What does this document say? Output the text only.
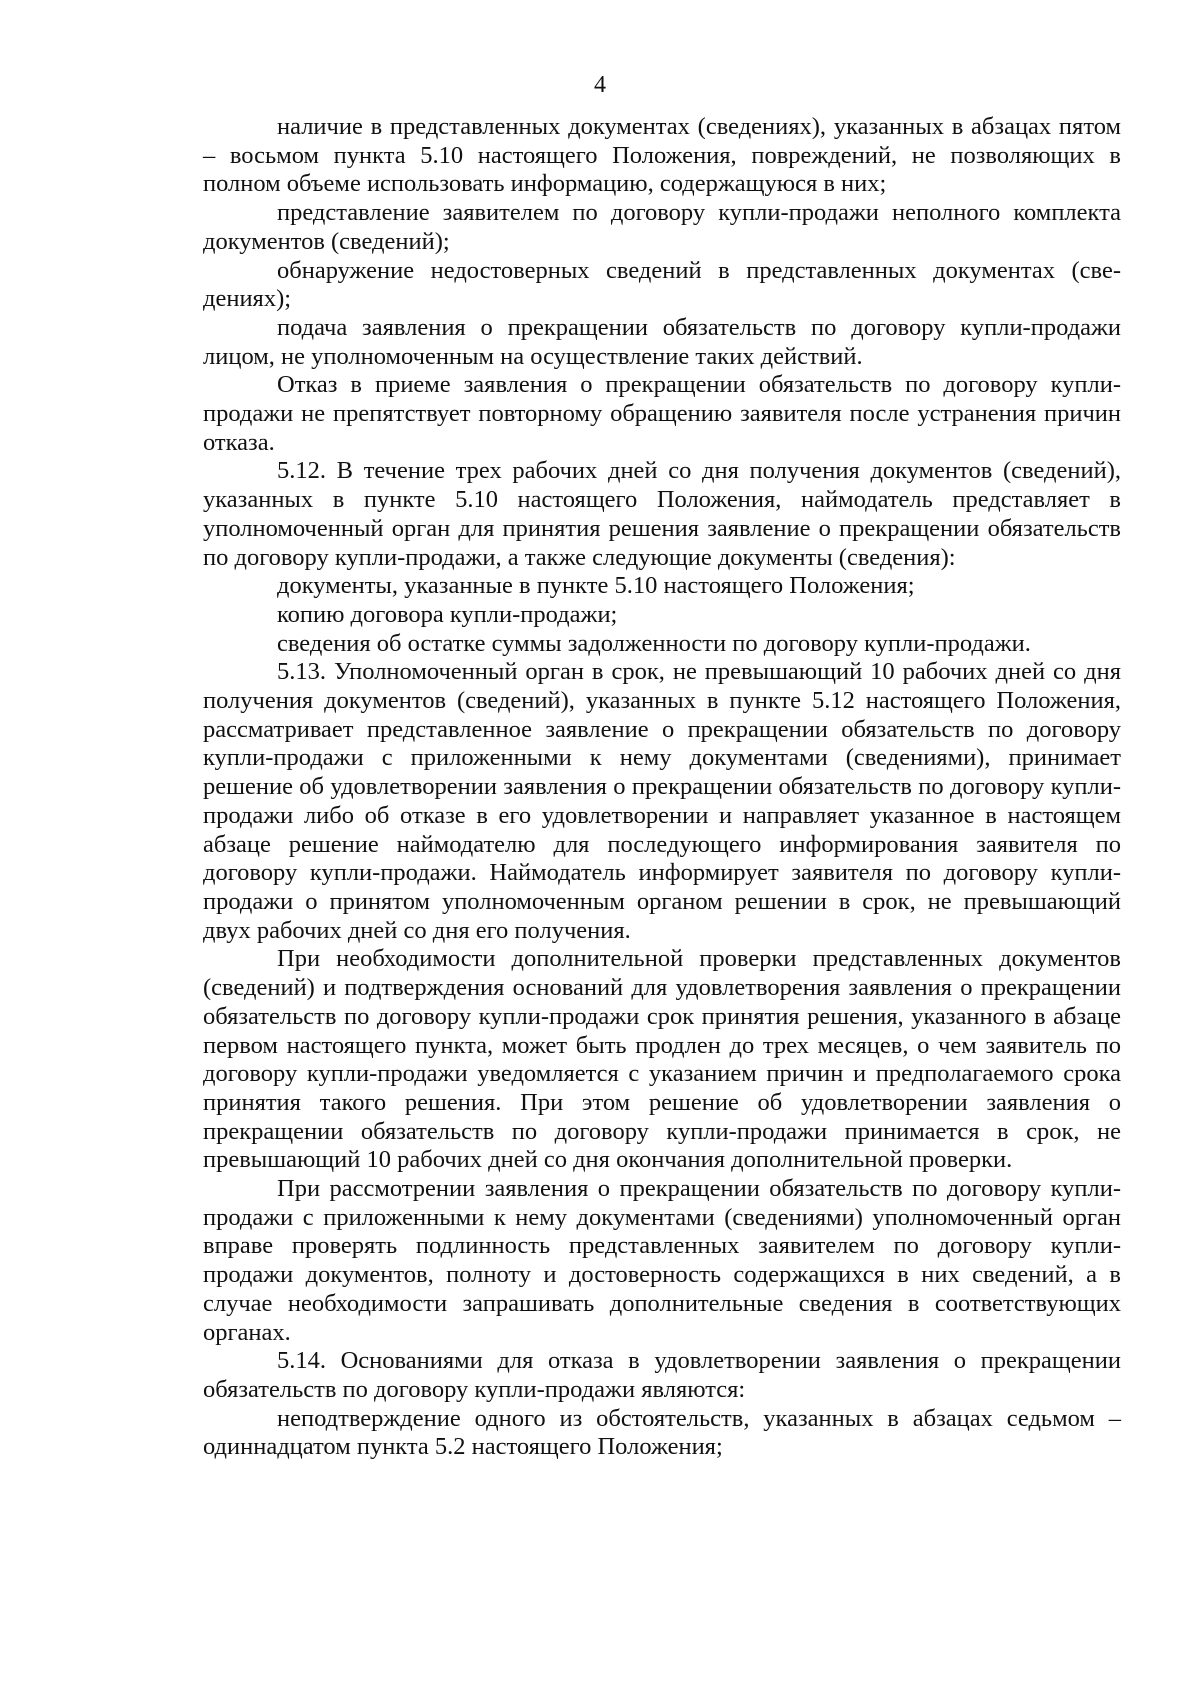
4

наличие в представленных документах (сведениях), указанных в абзацах пятом – восьмом пункта 5.10 настоящего Положения, повреждений, не позволяющих в полном объеме использовать информацию, содержащуюся в них;

представление заявителем по договору купли-продажи неполного комплекта документов (сведений);

обнаружение недостоверных сведений в представленных документах (сведениях);

подача заявления о прекращении обязательств по договору купли-продажи лицом, не уполномоченным на осуществление таких действий.

Отказ в приеме заявления о прекращении обязательств по договору купли-продажи не препятствует повторному обращению заявителя после устранения причин отказа.

5.12. В течение трех рабочих дней со дня получения документов (сведений), указанных в пункте 5.10 настоящего Положения, наймодатель представляет в уполномоченный орган для принятия решения заявление о прекращении обязательств по договору купли-продажи, а также следующие документы (сведения):

документы, указанные в пункте 5.10 настоящего Положения;

копию договора купли-продажи;

сведения об остатке суммы задолженности по договору купли-продажи.

5.13. Уполномоченный орган в срок, не превышающий 10 рабочих дней со дня получения документов (сведений), указанных в пункте 5.12 настоящего Положения, рассматривает представленное заявление о прекращении обязательств по договору купли-продажи с приложенными к нему документами (сведениями), принимает решение об удовлетворении заявления о прекращении обязательств по договору купли-продажи либо об отказе в его удовлетворении и направляет указанное в настоящем абзаце решение наймодателю для последующего информирования заявителя по договору купли-продажи. Наймодатель информирует заявителя по договору купли-продажи о принятом уполномоченным органом решении в срок, не превышающий двух рабочих дней со дня его получения.

При необходимости дополнительной проверки представленных документов (сведений) и подтверждения оснований для удовлетворения заявления о прекращении обязательств по договору купли-продажи срок принятия решения, указанного в абзаце первом настоящего пункта, может быть продлен до трех месяцев, о чем заявитель по договору купли-продажи уведомляется с указанием причин и предполагаемого срока принятия такого решения. При этом решение об удовлетворении заявления о прекращении обязательств по договору купли-продажи принимается в срок, не превышающий 10 рабочих дней со дня окончания дополнительной проверки.

При рассмотрении заявления о прекращении обязательств по договору купли-продажи с приложенными к нему документами (сведениями) уполномоченный орган вправе проверять подлинность представленных заявителем по договору купли-продажи документов, полноту и достоверность содержащихся в них сведений, а в случае необходимости запрашивать дополнительные сведения в соответствующих органах.

5.14. Основаниями для отказа в удовлетворении заявления о прекращении обязательств по договору купли-продажи являются:

неподтверждение одного из обстоятельств, указанных в абзацах седьмом – одиннадцатом пункта 5.2 настоящего Положения;
